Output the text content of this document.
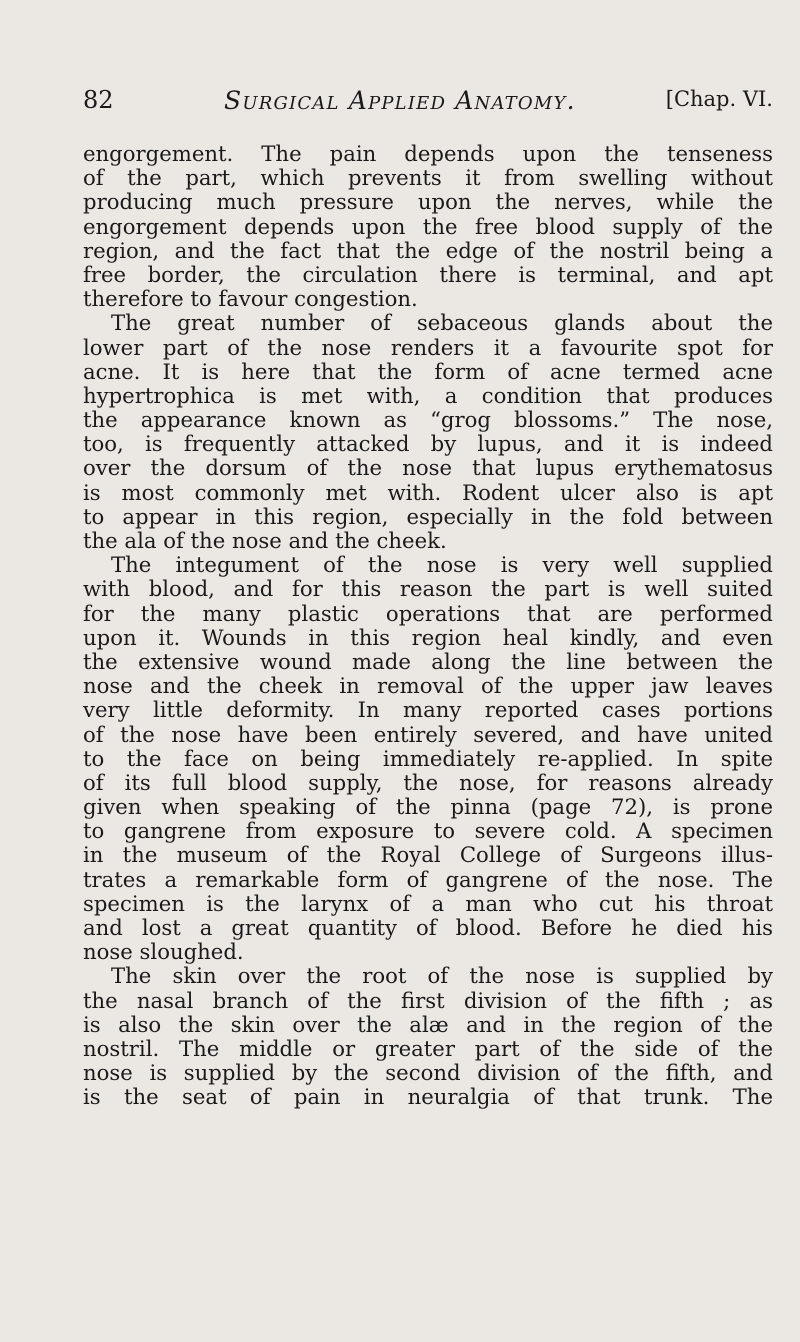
82	Surgical Applied Anatomy.	[Chap. VI.
engorgement. The pain depends upon the tenseness
of the part, which prevents it from swelling without
producing much pressure upon the nerves, while the
engorgement depends upon the free blood supply of the
region, and the fact that the edge of the nostril being a
free border, the circulation there is terminal, and apt
therefore to favour congestion.
The great number of sebaceous glands about the
lower part of the nose renders it a favourite spot for
acne. It is here that the form of acne termed acne
hypertrophica is met with, a condition that produces
the appearance known as “grog blossoms.” The nose,
too, is frequently attacked by lupus, and it is indeed
over the dorsum of the nose that lupus erythematosus
is most commonly met with. Rodent ulcer also is apt
to appear in this region, especially in the fold between
the ala of the nose and the cheek.
The integument of the nose is very well supplied
with blood, and for this reason the part is well suited
for the many plastic operations that are performed
upon it. Wounds in this region heal kindly, and even
the extensive wound made along the line between the
nose and the cheek in removal of the upper jaw leaves
very little deformity. In many reported cases portions
of the nose have been entirely severed, and have united
to the face on being immediately re-applied. In spite
of its full blood supply, the nose, for reasons already
given when speaking of the pinna (page 72), is prone
to gangrene from exposure to severe cold. A specimen
in the museum of the Royal College of Surgeons illus-
trates a remarkable form of gangrene of the nose. The
specimen is the larynx of a man who cut his throat
and lost a great quantity of blood. Before he died his
nose sloughed.
The skin over the root of the nose is supplied by
the nasal branch of the first division of the fifth ; as
is also the skin over the alæ and in the region of the
nostril. The middle or greater part of the side of the
nose is supplied by the second division of the fifth, and
is the seat of pain in neuralgia of that trunk. The
